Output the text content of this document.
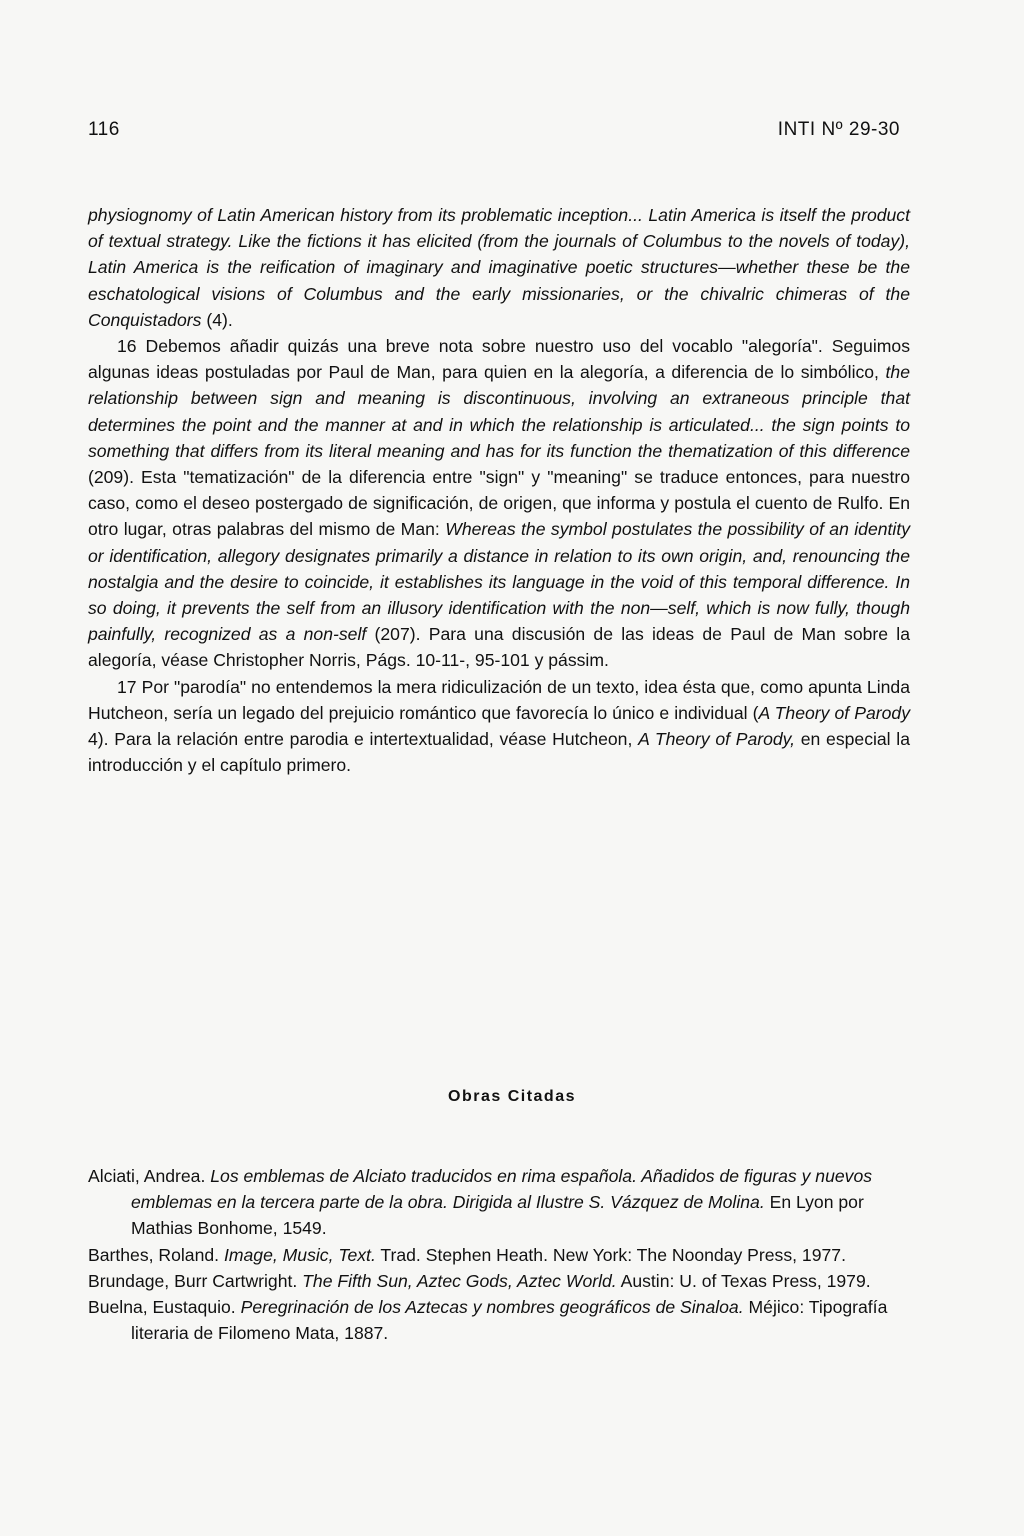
116	INTI Nº 29-30

physiognomy of Latin American history from its problematic inception... Latin America is itself the product of textual strategy. Like the fictions it has elicited (from the journals of Columbus to the novels of today), Latin America is the reification of imaginary and imaginative poetic structures—whether these be the eschatological visions of Columbus and the early missionaries, or the chivalric chimeras of the Conquistadors (4).

16 Debemos añadir quizás una breve nota sobre nuestro uso del vocablo "alegoría". Seguimos algunas ideas postuladas por Paul de Man, para quien en la alegoría, a diferencia de lo simbólico, the relationship between sign and meaning is discontinuous, involving an extraneous principle that determines the point and the manner at and in which the relationship is articulated... the sign points to something that differs from its literal meaning and has for its function the thematization of this difference (209). Esta "tematización" de la diferencia entre "sign" y "meaning" se traduce entonces, para nuestro caso, como el deseo postergado de significación, de origen, que informa y postula el cuento de Rulfo. En otro lugar, otras palabras del mismo de Man: Whereas the symbol postulates the possibility of an identity or identification, allegory designates primarily a distance in relation to its own origin, and, renouncing the nostalgia and the desire to coincide, it establishes its language in the void of this temporal difference. In so doing, it prevents the self from an illusory identification with the non—self, which is now fully, though painfully, recognized as a non-self (207). Para una discusión de las ideas de Paul de Man sobre la alegoría, véase Christopher Norris, Págs. 10-11-, 95-101 y pássim.

17 Por "parodía" no entendemos la mera ridiculización de un texto, idea ésta que, como apunta Linda Hutcheon, sería un legado del prejuicio romántico que favorecía lo único e individual (A Theory of Parody 4). Para la relación entre parodia e intertextualidad, véase Hutcheon, A Theory of Parody, en especial la introducción y el capítulo primero.

Obras Citadas

Alciati, Andrea. Los emblemas de Alciato traducidos en rima española. Añadidos de figuras y nuevos emblemas en la tercera parte de la obra. Dirigida al Ilustre S. Vázquez de Molina. En Lyon por Mathias Bonhome, 1549.

Barthes, Roland. Image, Music, Text. Trad. Stephen Heath. New York: The Noonday Press, 1977.

Brundage, Burr Cartwright. The Fifth Sun, Aztec Gods, Aztec World. Austin: U. of Texas Press, 1979.

Buelna, Eustaquio. Peregrinación de los Aztecas y nombres geográficos de Sinaloa. Méjico: Tipografía literaria de Filomeno Mata, 1887.
